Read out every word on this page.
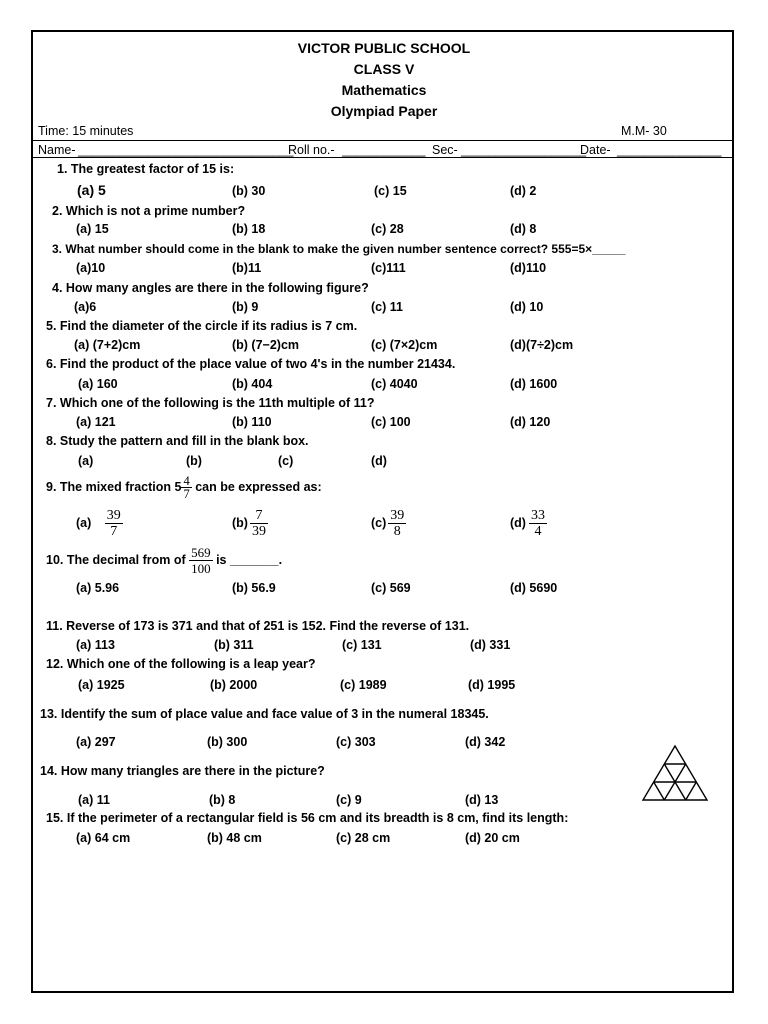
VICTOR PUBLIC SCHOOL
CLASS V
Mathematics
Olympiad Paper
Time: 15 minutes	M.M- 30
Name- _______________________________
Roll no.- ____________ Sec- __________________
Date- _______________
1. The greatest factor of 15 is:
(a) 5	(b) 30	(c) 15	(d) 2
2. Which is not a prime number?
(a) 15	(b) 18	(c) 28	(d) 8
3. What number should come in the blank to make the given number sentence correct? 555=5×_____
(a)10	(b)11	(c)111	(d)110
4. How many angles are there in the following figure?
(a)6	(b) 9	(c) 11	(d) 10
5. Find the diameter of the circle if its radius is 7 cm.
(a) (7+2)cm	(b) (7−2)cm	(c) (7×2)cm	(d)(7÷2)cm
6. Find the product of the place value of two 4's in the number 21434.
(a) 160	(b) 404	(c) 4040	(d) 1600
7. Which one of the following is the 11th multiple of 11?
(a) 121	(b) 110	(c) 100	(d) 120
8. Study the pattern and fill in the blank box.
(a)	(b)	(c)	(d)
9. The mixed fraction $5 \frac{4}{7}$ can be expressed as:
$(a) \frac{39}{7}$	$(b) \frac{7}{39}$	$(c) \frac{39}{8}$	$(d) \frac{33}{4}$
10. The decimal from of $\frac{569}{100}$ is _______.
(a) 5.96	(b) 56.9	(c) 569	(d) 5690
11. Reverse of 173 is 371 and that of 251 is 152. Find the reverse of 131.
(a) 113	(b) 311	(c) 131	(d) 331
12. Which one of the following is a leap year?
(a) 1925	(b) 2000	(c) 1989	(d) 1995
13. Identify the sum of place value and face value of 3 in the numeral 18345.
(a) 297	(b) 300	(c) 303	(d) 342
14. How many triangles are there in the picture?
(a) 11	(b) 8	(c) 9	(d) 13
15. If the perimeter of a rectangular field is 56 cm and its breadth is 8 cm, find its length:
(a) 64 cm	(b) 48 cm	(c) 28 cm	(d) 20 cm
